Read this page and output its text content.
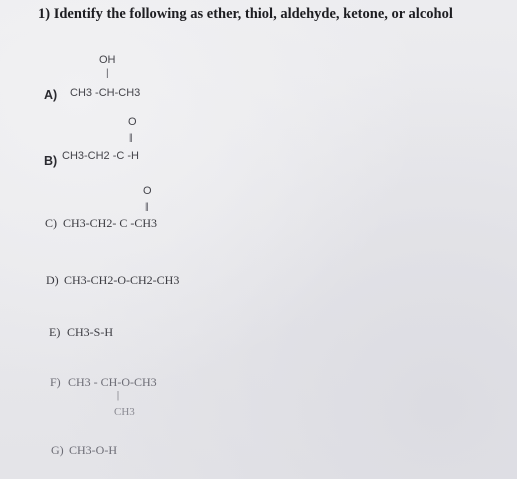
1) Identify the following as ether, thiol, aldehyde, ketone, or alcohol
OH
|
A) CH3 -CH-CH3
O
||
B) CH3-CH2 -C -H
O
||
C) CH3-CH2- C -CH3
D) CH3-CH2-O-CH2-CH3
E) CH3-S-H
F) CH3 - CH-O-CH3
|
CH3
G) CH3-O-H
